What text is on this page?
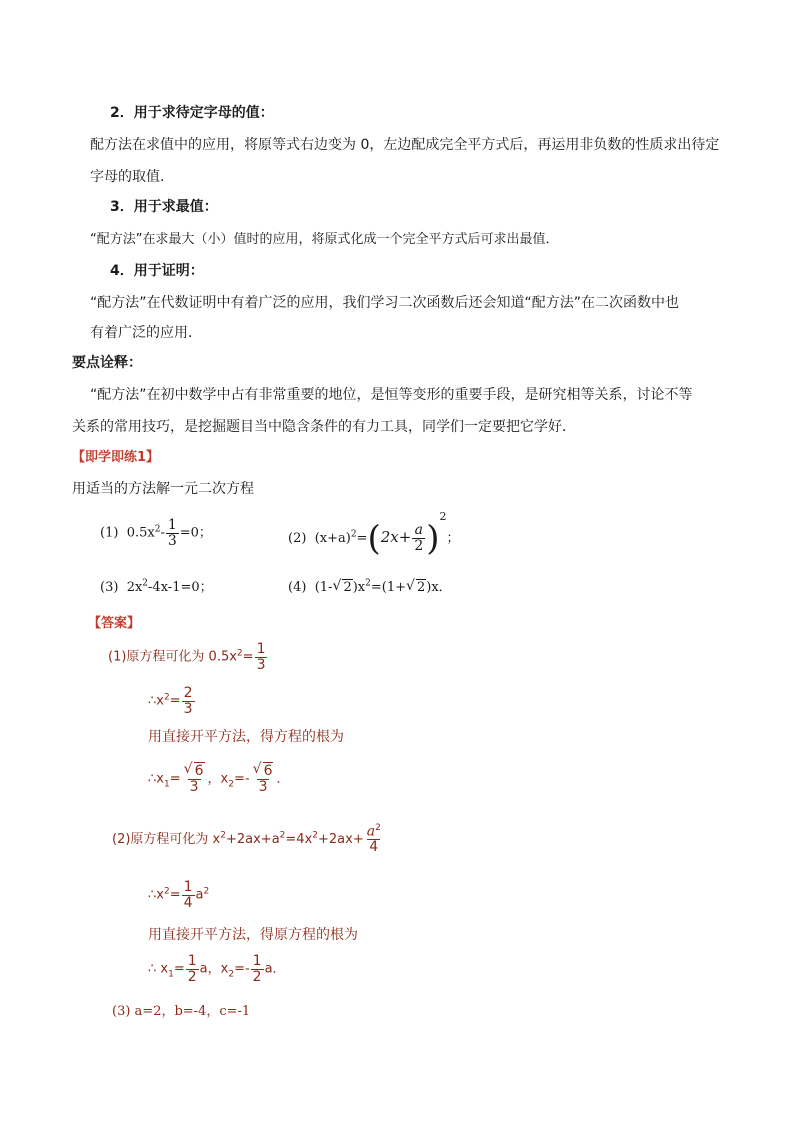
2．用于求待定字母的值：
配方法在求值中的应用，将原等式右边变为 0，左边配成完全平方式后，再运用非负数的性质求出待定
字母的取值．
3．用于求最值：
“配方法”在求最大（小）值时的应用，将原式化成一个完全平方式后可求出最值．
4．用于证明：
“配方法”在代数证明中有着广泛的应用，我们学习二次函数后还会知道“配方法”在二次函数中也
有着广泛的应用．
要点诠释：
“配方法”在初中数学中占有非常重要的地位，是恒等变形的重要手段，是研究相等关系，讨论不等
关系的常用技巧，是挖掘题目当中隐含条件的有力工具，同学们一定要把它学好．
【即学即练1】
用适当的方法解一元二次方程
(1) $0.5x^2- \frac{1}{3} =0$；	(2) $(x+a)^2=(2x+ \frac{a}{2} )^2$；
(3) $2x^2-4x-1=0$；	(4) (1-√ $2)x^2=(1+√$ 2)x．
【答案】
(1)原方程可化为 $0.5x^2= \frac{1}{3}$
$\therefore x^2= \frac{2}{3}$
用直接开平方法，得方程的根为
$\therefore x_1=$
√ $\frac{6}{3}$ ，$x_2=-$
√ $\frac{6}{3}$ ．
(2)原方程可化为 $x^2+2ax+a^2=4x^2+2ax+ \frac{a^2}{4}$
$\therefore x^2= \frac{1}{4} a^2$
用直接开平方法，得原方程的根为
∴ $x_1= \frac{1}{2}$ a，$x_2=- \frac{1}{2}$ a．
(3) a=2，b=-4，c=-1
